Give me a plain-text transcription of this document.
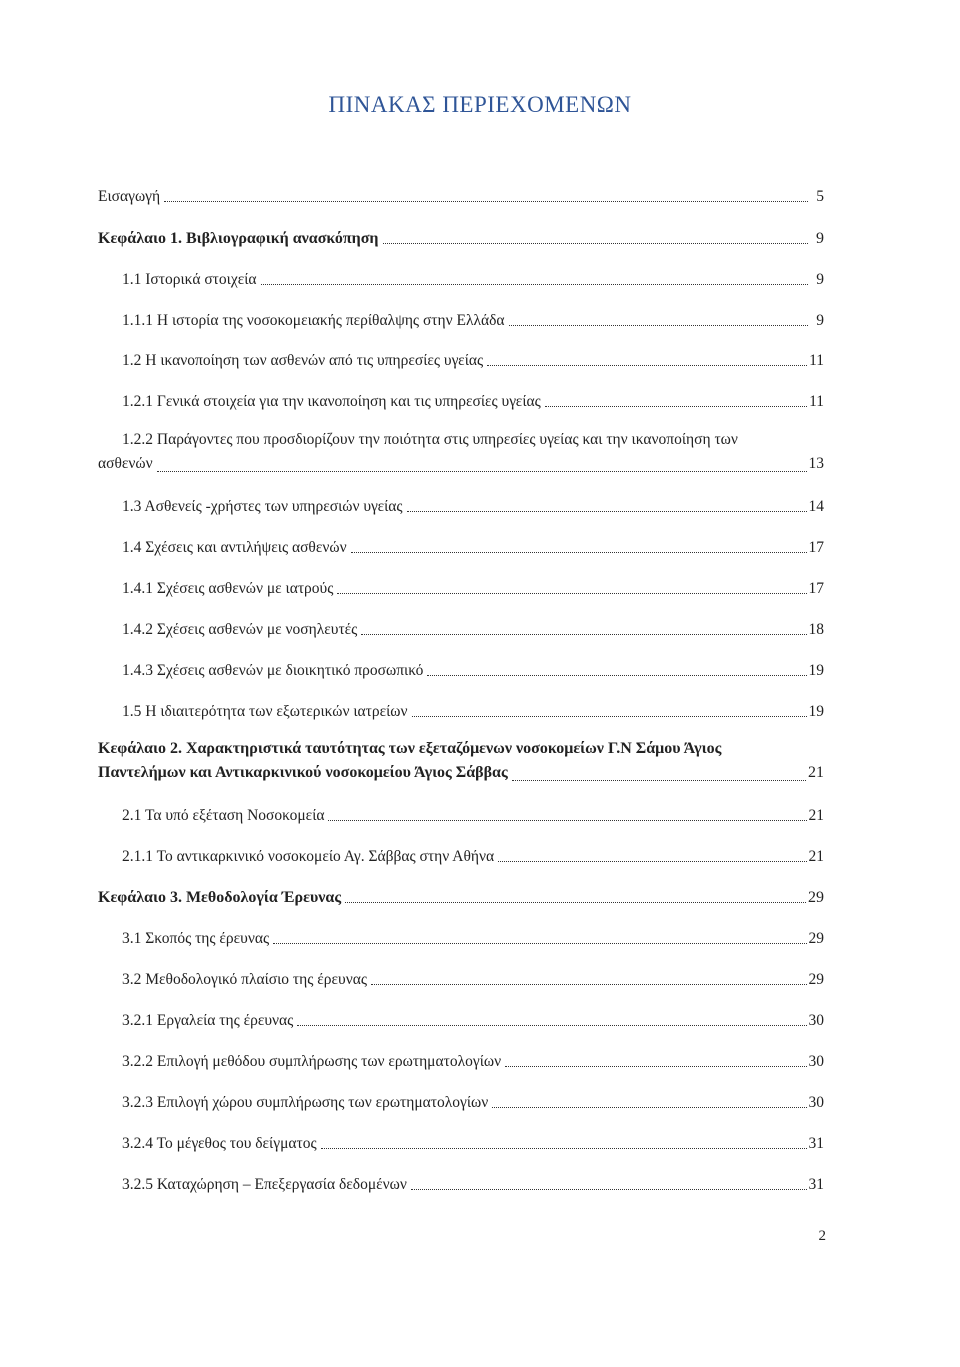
ΠΙΝΑΚΑΣ ΠΕΡΙΕΧΟΜΕΝΩΝ
Εισαγωγή	5
Κεφάλαιο 1. Βιβλιογραφική ανασκόπηση	9
1.1 Ιστορικά στοιχεία	9
1.1.1 Η ιστορία της νοσοκομειακής περίθαλψης στην Ελλάδα	9
1.2 Η ικανοποίηση των ασθενών από τις υπηρεσίες υγείας	11
1.2.1 Γενικά στοιχεία για την ικανοποίηση και τις υπηρεσίες υγείας	11
1.2.2 Παράγοντες που προσδιορίζουν την ποιότητα στις υπηρεσίες υγείας και την ικανοποίηση των
ασθενών	13
1.3 Ασθενείς -χρήστες των υπηρεσιών υγείας	14
1.4 Σχέσεις και αντιλήψεις ασθενών	17
1.4.1 Σχέσεις ασθενών με ιατρούς	17
1.4.2 Σχέσεις ασθενών με νοσηλευτές	18
1.4.3 Σχέσεις ασθενών με διοικητικό προσωπικό	19
1.5 Η ιδιαιτερότητα των εξωτερικών ιατρείων	19
Κεφάλαιο 2. Χαρακτηριστικά ταυτότητας των εξεταζόμενων νοσοκομείων Γ.Ν Σάμου Άγιος
Παντελήμων και Αντικαρκινικού νοσοκομείου Άγιος Σάββας	21
2.1 Τα υπό εξέταση Νοσοκομεία	21
2.1.1 Το αντικαρκινικό νοσοκομείο Αγ. Σάββας στην Αθήνα	21
Κεφάλαιο 3. Μεθοδολογία Έρευνας	29
3.1 Σκοπός της έρευνας	29
3.2 Μεθοδολογικό πλαίσιο της έρευνας	29
3.2.1 Εργαλεία της έρευνας	30
3.2.2 Επιλογή μεθόδου συμπλήρωσης των ερωτηματολογίων	30
3.2.3 Επιλογή χώρου συμπλήρωσης των ερωτηματολογίων	30
3.2.4 Το μέγεθος του δείγματος	31
3.2.5 Καταχώρηση – Επεξεργασία δεδομένων	31
2
